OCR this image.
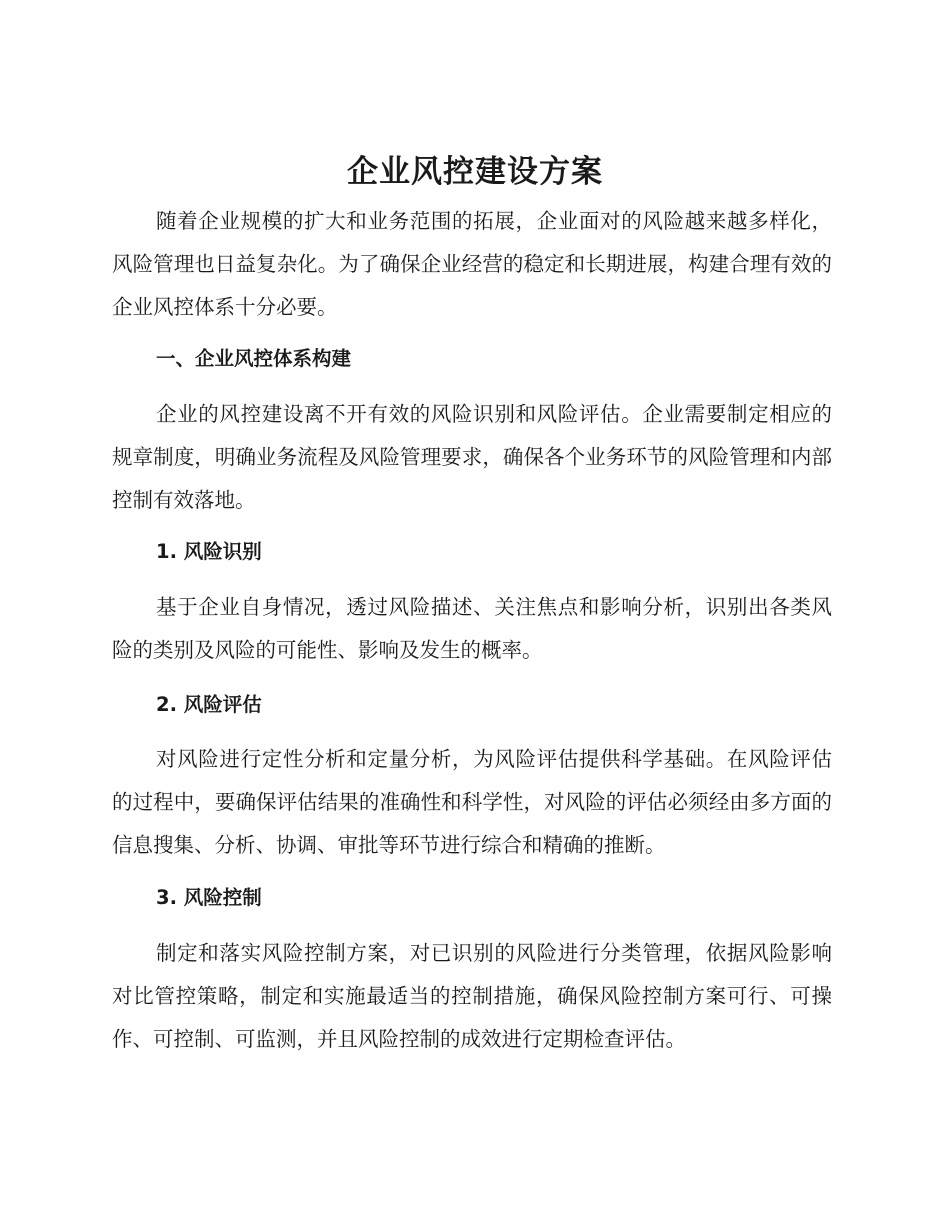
企业风控建设方案

随着企业规模的扩大和业务范围的拓展，企业面对的风险越来越多样化，风险管理也日益复杂化。为了确保企业经营的稳定和长期进展，构建合理有效的企业风控体系十分必要。

一、企业风控体系构建

企业的风控建设离不开有效的风险识别和风险评估。企业需要制定相应的规章制度，明确业务流程及风险管理要求，确保各个业务环节的风险管理和内部控制有效落地。

1. 风险识别

基于企业自身情况，透过风险描述、关注焦点和影响分析，识别出各类风险的类别及风险的可能性、影响及发生的概率。

2. 风险评估

对风险进行定性分析和定量分析，为风险评估提供科学基础。在风险评估的过程中，要确保评估结果的准确性和科学性，对风险的评估必须经由多方面的信息搜集、分析、协调、审批等环节进行综合和精确的推断。

3. 风险控制

制定和落实风险控制方案，对已识别的风险进行分类管理，依据风险影响对比管控策略，制定和实施最适当的控制措施，确保风险控制方案可行、可操作、可控制、可监测，并且风险控制的成效进行定期检查评估。
